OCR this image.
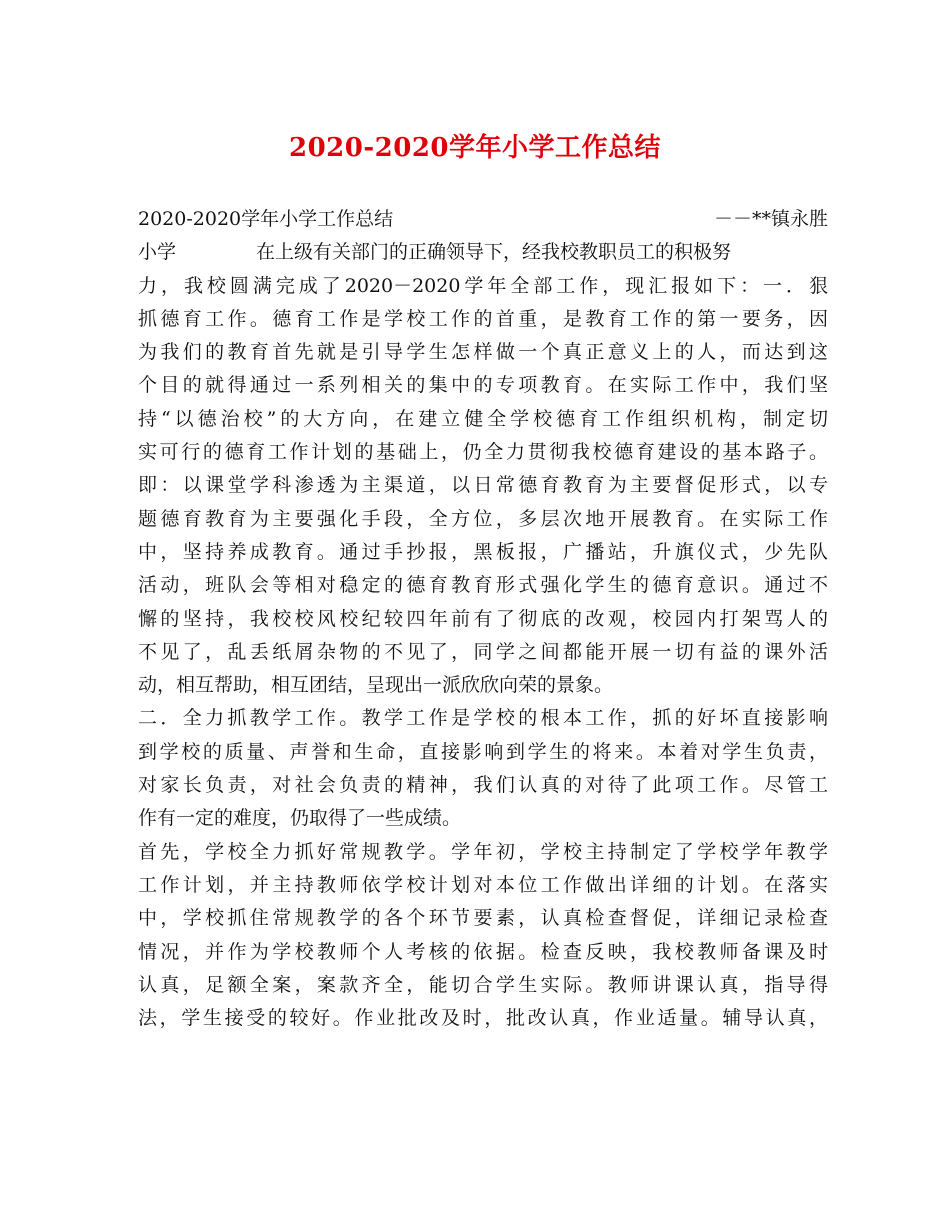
2020-2020学年小学工作总结
2020-2020学年小学工作总结	－－**镇永胜
小学	在上级有关部门的正确领导下，经我校教职员工的积极努
力，我校圆满完成了2020－2020学年全部工作，现汇报如下：一．狠
抓德育工作。德育工作是学校工作的首重，是教育工作的第一要务，因
为我们的教育首先就是引导学生怎样做一个真正意义上的人，而达到这
个目的就得通过一系列相关的集中的专项教育。在实际工作中，我们坚
持“以德治校”的大方向，在建立健全学校德育工作组织机构，制定切
实可行的德育工作计划的基础上，仍全力贯彻我校德育建设的基本路子。
即：以课堂学科渗透为主渠道，以日常德育教育为主要督促形式，以专
题德育教育为主要强化手段，全方位，多层次地开展教育。在实际工作
中，坚持养成教育。通过手抄报，黑板报，广播站，升旗仪式，少先队
活动，班队会等相对稳定的德育教育形式强化学生的德育意识。通过不
懈的坚持，我校校风校纪较四年前有了彻底的改观，校园内打架骂人的
不见了，乱丢纸屑杂物的不见了，同学之间都能开展一切有益的课外活
动，相互帮助，相互团结，呈现出一派欣欣向荣的景象。
二．全力抓教学工作。教学工作是学校的根本工作，抓的好坏直接影响
到学校的质量、声誉和生命，直接影响到学生的将来。本着对学生负责，
对家长负责，对社会负责的精神，我们认真的对待了此项工作。尽管工
作有一定的难度，仍取得了一些成绩。
首先，学校全力抓好常规教学。学年初，学校主持制定了学校学年教学
工作计划，并主持教师依学校计划对本位工作做出详细的计划。在落实
中，学校抓住常规教学的各个环节要素，认真检查督促，详细记录检查
情况，并作为学校教师个人考核的依据。检查反映，我校教师备课及时
认真，足额全案，案款齐全，能切合学生实际。教师讲课认真，指导得
法，学生接受的较好。作业批改及时，批改认真，作业适量。辅导认真，
